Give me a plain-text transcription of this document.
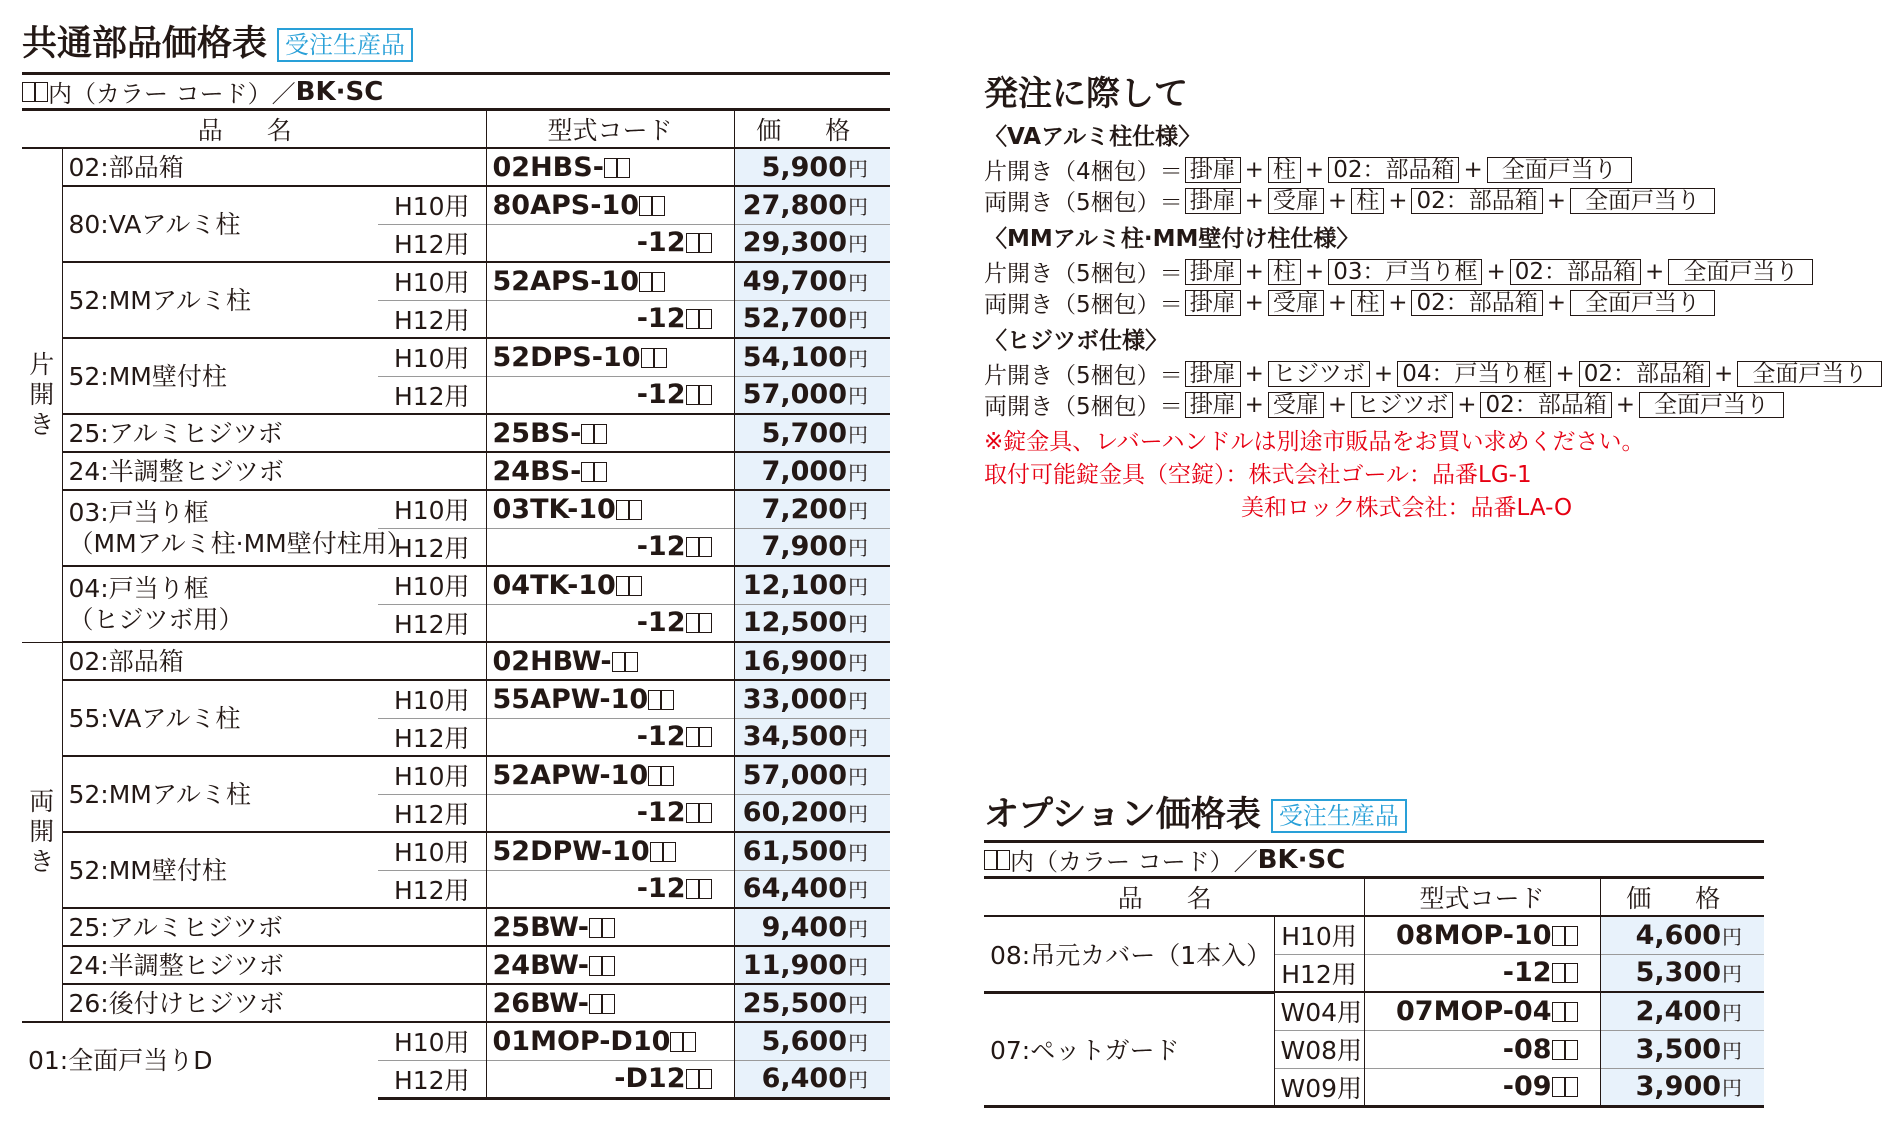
共通部品価格表 受注生産品
内（カラー コード）／ BK·SC
品 名			型式コード	価 格
片開き	02:部品箱		02HBS-	5,900円
	80:VAアルミ柱	H10用	80APS-10	27,800円
		H12用	-12	29,300円
	52:MMアルミ柱	H10用	52APS-10	49,700円
		H12用	-12	52,700円
	52:MM壁付柱	H10用	52DPS-10	54,100円
		H12用	-12	57,000円
	25:アルミヒジツボ		25BS-	5,700円
	24:半調整ヒジツボ		24BS-	7,000円
	03:戸当り框
（MMアルミ柱·MM壁付柱用）	H10用	03TK-10	7,200円
		H12用	-12	7,900円
	04:戸当り框
（ヒジツボ用）	H10用	04TK-10	12,100円
		H12用	-12	12,500円
両開き	02:部品箱		02HBW-	16,900円
	55:VAアルミ柱	H10用	55APW-10	33,000円
		H12用	-12	34,500円
	52:MMアルミ柱	H10用	52APW-10	57,000円
		H12用	-12	60,200円
	52:MM壁付柱	H10用	52DPW-10	61,500円
		H12用	-12	64,400円
	25:アルミヒジツボ		25BW-	9,400円
	24:半調整ヒジツボ		24BW-	11,900円
	26:後付けヒジツボ		26BW-	25,500円
01:全面戸当りD		H10用	01MOP-D10	5,600円
		H12用	-D12	6,400円
発注に際して
〈VAアルミ柱仕様〉
片開き（4梱包）＝ 掛扉 + 柱 + 02：部品箱 + 全面戸当り
両開き（5梱包）＝ 掛扉 + 受扉 + 柱 + 02：部品箱 + 全面戸当り
〈MMアルミ柱·MM壁付け柱仕様〉
片開き（5梱包）＝ 掛扉 + 柱 + 03：戸当り框 + 02：部品箱 + 全面戸当り
両開き（5梱包）＝ 掛扉 + 受扉 + 柱 + 02：部品箱 + 全面戸当り
〈ヒジツボ仕様〉
片開き（5梱包）＝ 掛扉 + ヒジツボ + 04：戸当り框 + 02：部品箱 + 全面戸当り
両開き（5梱包）＝ 掛扉 + 受扉 + ヒジツボ + 02：部品箱 + 全面戸当り
※錠金具、レバーハンドルは別途市販品をお買い求めください。
取付可能錠金具（空錠）：株式会社ゴール：品番LG-1
美和ロック株式会社：品番LA-O
オプション価格表 受注生産品
内（カラー コード）／ BK·SC
品 名		型式コード	価 格
08:吊元カバー（1本入）	H10用	08MOP-10	4,600円
	H12用	-12	5,300円
07:ペットガード	W04用	07MOP-04	2,400円
	W08用	-08	3,500円
	W09用	-09	3,900円
